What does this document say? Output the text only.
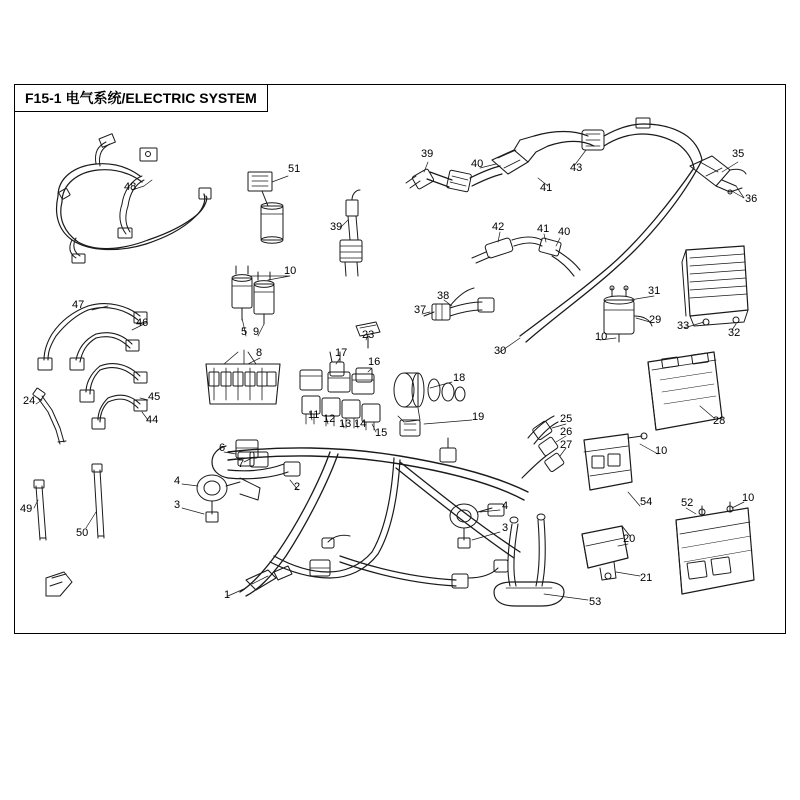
F15-1 电气系统/ELECTRIC SYSTEM
1
2
3
3
4
4
5
6
7
8
9
10
10
10
10
11 12 13 14
15
16
17
18
19
20
21
23
24
25
26
27
28
29
30
31
32
33
35
36
37
38
39
39
40
40
41
41
42
43
44
45
46
47
48
49
50
51
52
53
54
